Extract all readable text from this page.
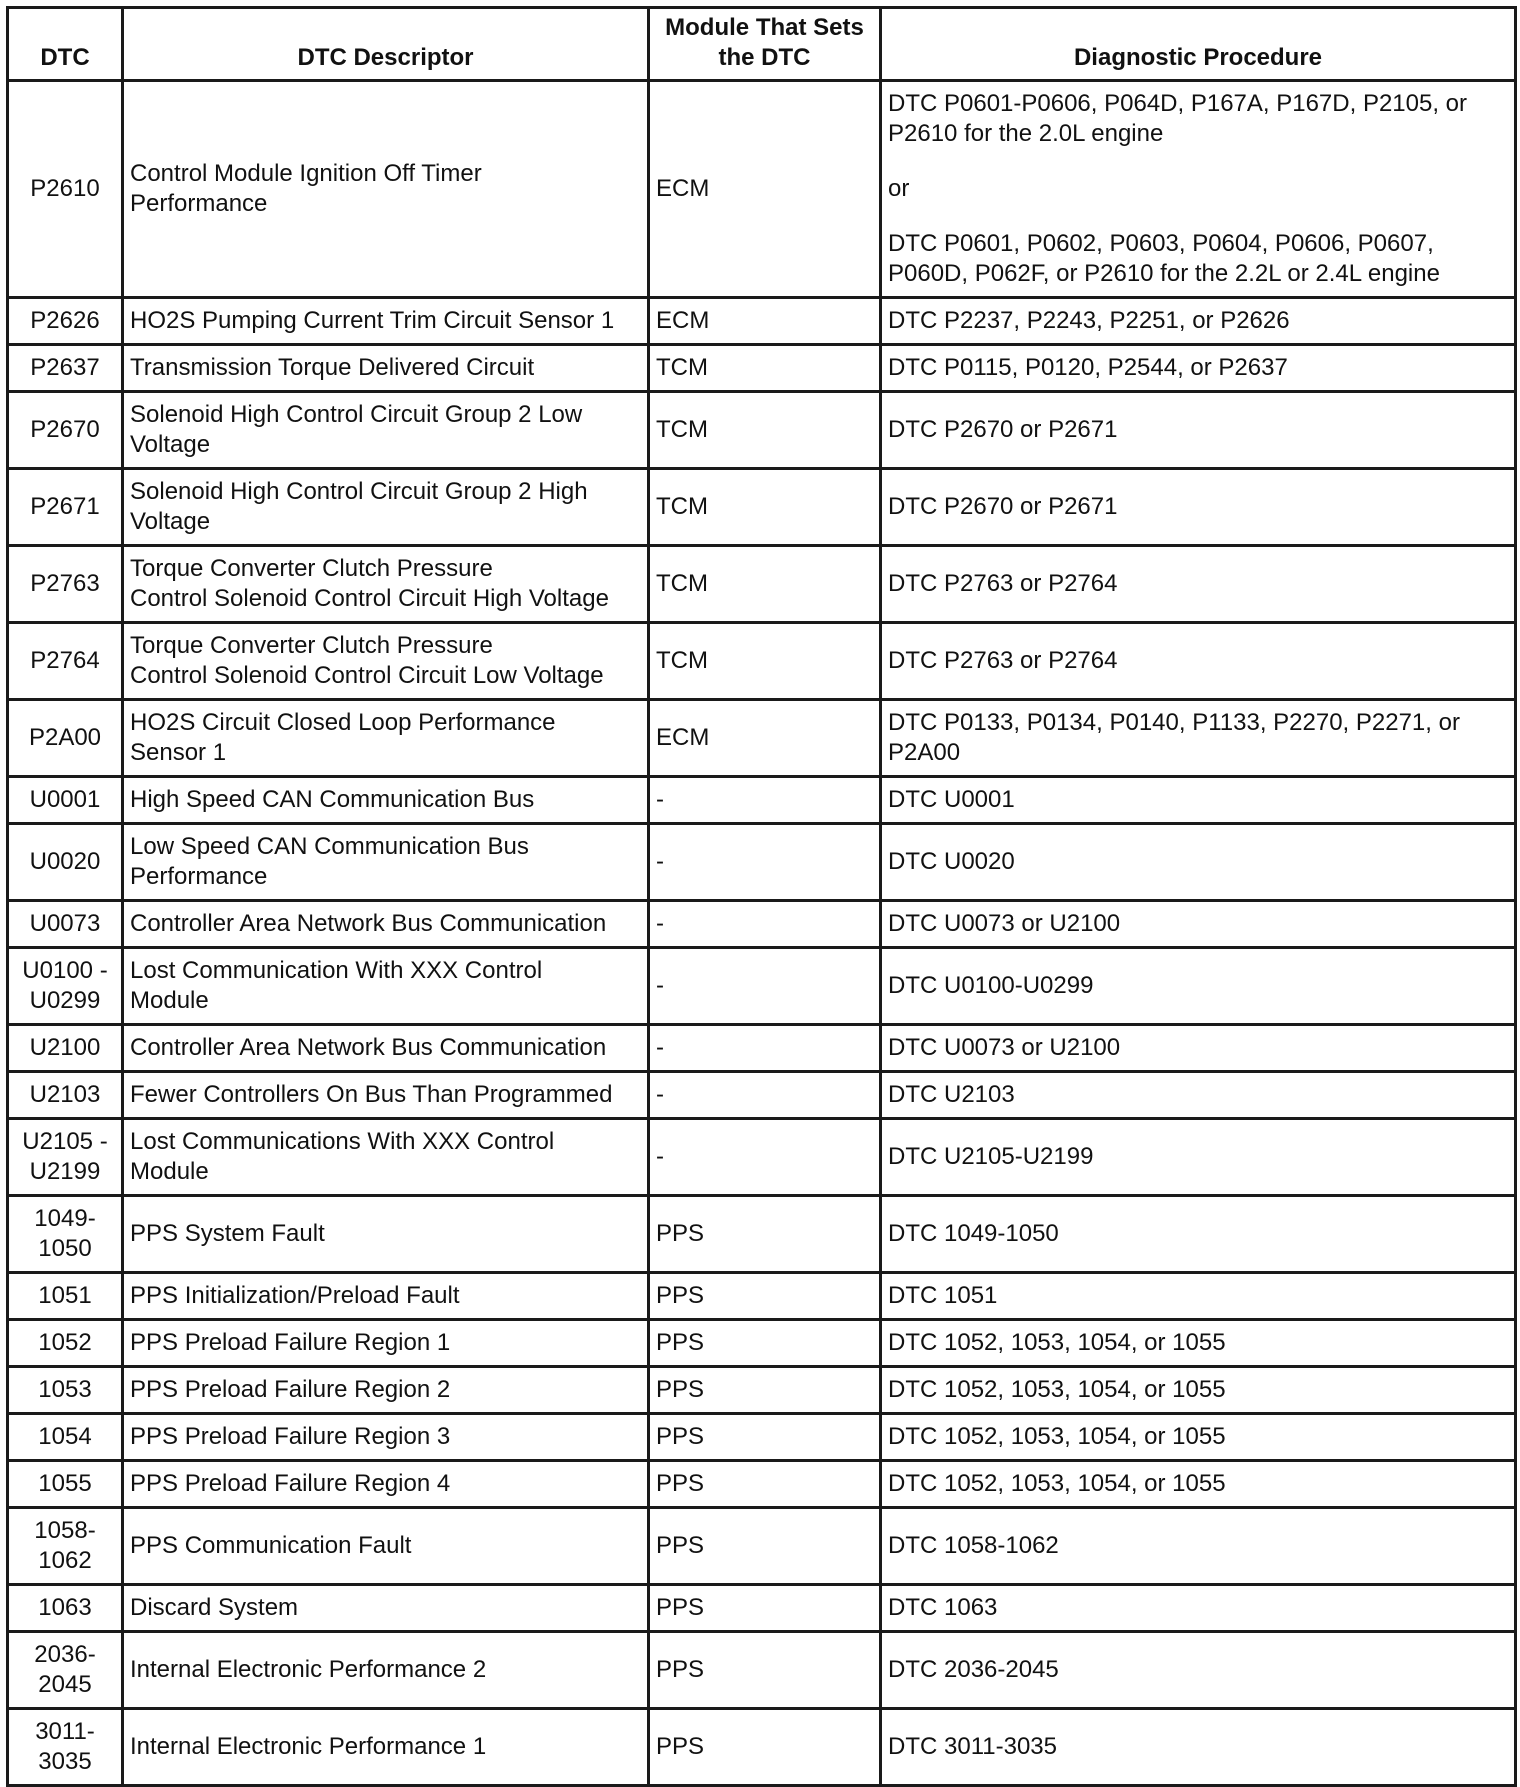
DTC	DTC Descriptor	Module That Sets
the DTC	Diagnostic Procedure

P2610	Control Module Ignition Off Timer
Performance	ECM	DTC P0601-P0606, P064D, P167A, P167D, P2105, or
P2610 for the 2.0L engine
or
DTC P0601, P0602, P0603, P0604, P0606, P0607,
P060D, P062F, or P2610 for the 2.2L or 2.4L engine

P2626	HO2S Pumping Current Trim Circuit Sensor 1	ECM	DTC P2237, P2243, P2251, or P2626

P2637	Transmission Torque Delivered Circuit	TCM	DTC P0115, P0120, P2544, or P2637

P2670	Solenoid High Control Circuit Group 2 Low
Voltage	TCM	DTC P2670 or P2671

P2671	Solenoid High Control Circuit Group 2 High
Voltage	TCM	DTC P2670 or P2671

P2763	Torque Converter Clutch Pressure
Control Solenoid Control Circuit High Voltage	TCM	DTC P2763 or P2764

P2764	Torque Converter Clutch Pressure
Control Solenoid Control Circuit Low Voltage	TCM	DTC P2763 or P2764

P2A00	HO2S Circuit Closed Loop Performance
Sensor 1	ECM	DTC P0133, P0134, P0140, P1133, P2270, P2271, or
P2A00

U0001	High Speed CAN Communication Bus	-	DTC U0001

U0020	Low Speed CAN Communication Bus
Performance	-	DTC U0020

U0073	Controller Area Network Bus Communication	-	DTC U0073 or U2100

U0100 -
U0299	Lost Communication With XXX Control
Module	-	DTC U0100-U0299

U2100	Controller Area Network Bus Communication	-	DTC U0073 or U2100

U2103	Fewer Controllers On Bus Than Programmed	-	DTC U2103

U2105 -
U2199	Lost Communications With XXX Control
Module	-	DTC U2105-U2199

1049-
1050	PPS System Fault	PPS	DTC 1049-1050

1051	PPS Initialization/Preload Fault	PPS	DTC 1051

1052	PPS Preload Failure Region 1	PPS	DTC 1052, 1053, 1054, or 1055

1053	PPS Preload Failure Region 2	PPS	DTC 1052, 1053, 1054, or 1055

1054	PPS Preload Failure Region 3	PPS	DTC 1052, 1053, 1054, or 1055

1055	PPS Preload Failure Region 4	PPS	DTC 1052, 1053, 1054, or 1055

1058-
1062	PPS Communication Fault	PPS	DTC 1058-1062

1063	Discard System	PPS	DTC 1063

2036-
2045	Internal Electronic Performance 2	PPS	DTC 2036-2045

3011-
3035	Internal Electronic Performance 1	PPS	DTC 3011-3035
